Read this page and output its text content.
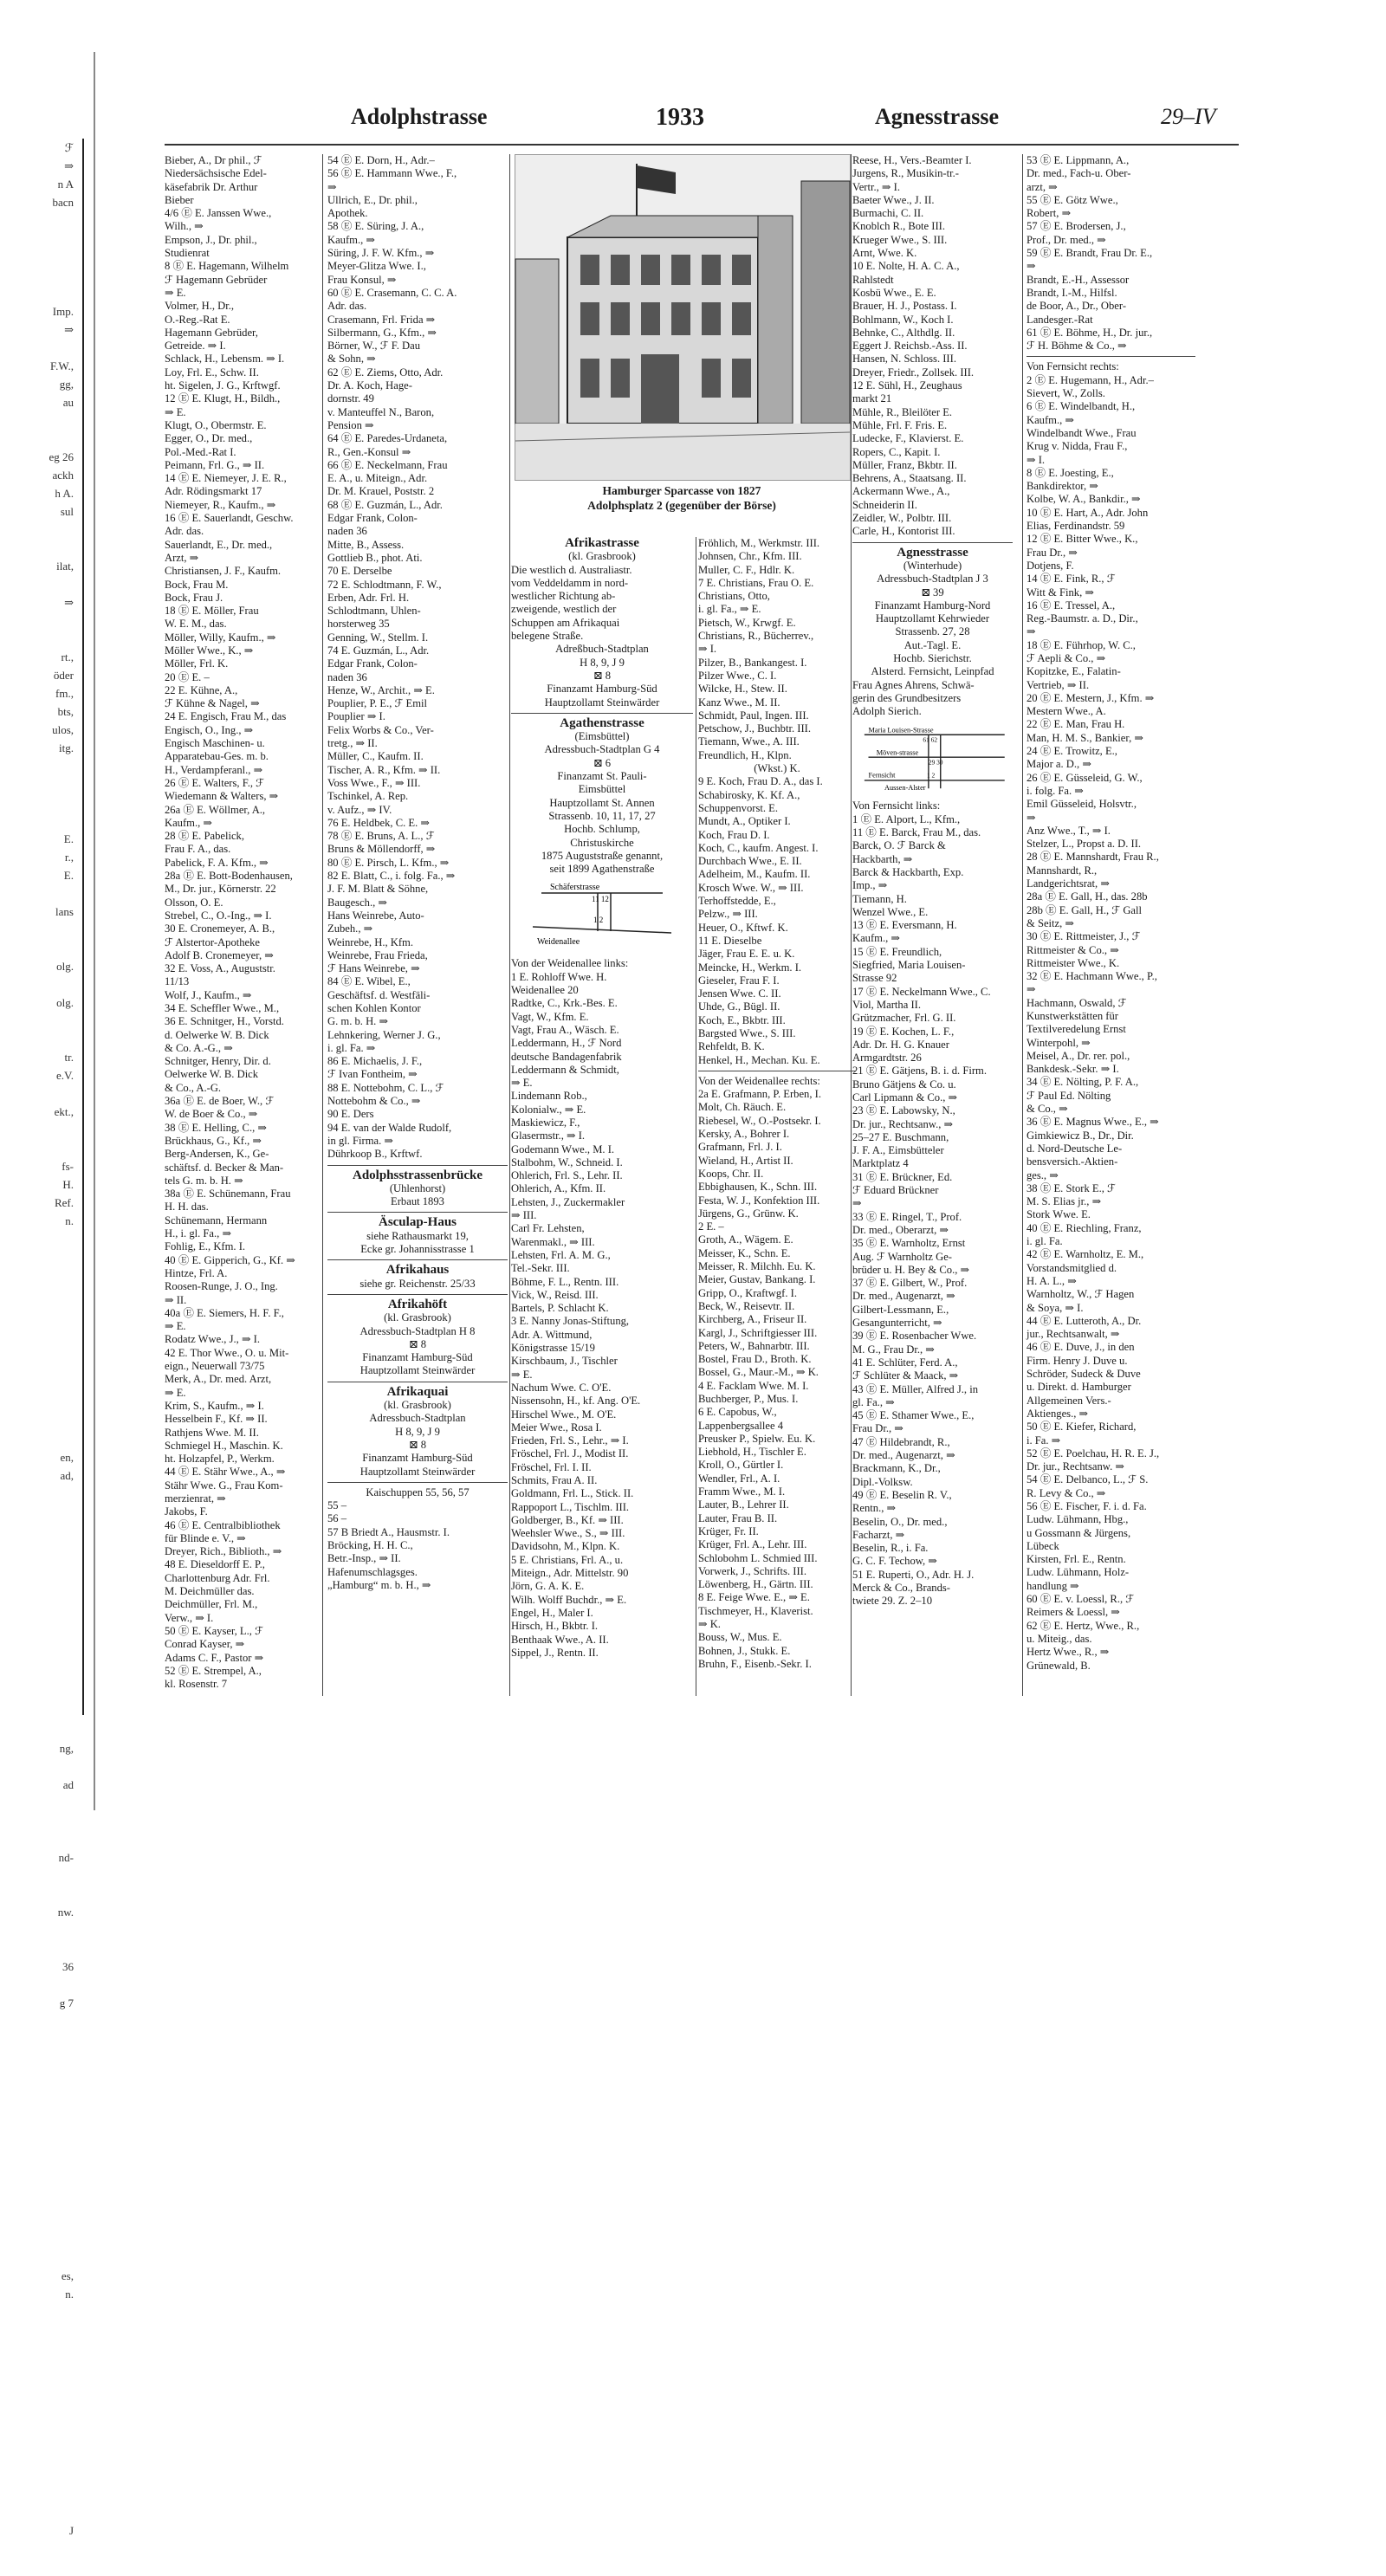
ℱ
⇒
n A
bacn

Imp.
⇒

F.W.,
gg,
au

eg 26
ackh
h A.
sul

ilat,

⇒

rt.,
öder
fm.,
bts,
ulos,
itg.

E.
r.,
E.

lans

olg.

olg.

tr.
e.V.

ekt.,

fs-
H.
Ref.
n.

en,
ad,

ng,

ad

nd-

nw.

36

g 7

es,
n.

J

Adolphstrasse	1933	Agnesstrasse	29–IV

Bieber, A., Dr phil., ℱ

Niedersächsische Edel-

käsefabrik Dr. Arthur

Bieber

4/6 Ⓔ E. Janssen Wwe.,

Wilh., ⇒

Empson, J., Dr. phil.,

Studienrat

8 Ⓔ E. Hagemann, Wilhelm

ℱ Hagemann Gebrüder

⇒ E.

Volmer, H., Dr.,

O.-Reg.-Rat E.

Hagemann Gebrüder,

Getreide. ⇒ I.

Schlack, H., Lebensm. ⇒ I.

Loy, Frl. E., Schw. II.

ht. Sigelen, J. G., Krftwgf.

12 Ⓔ E. Klugt, H., Bildh.,

⇒ E.

Klugt, O., Obermstr. E.

Egger, O., Dr. med.,

Pol.-Med.-Rat I.

Peimann, Frl. G., ⇒ II.

14 Ⓔ E. Niemeyer, J. E. R.,

Adr. Rödingsmarkt 17

Niemeyer, R., Kaufm., ⇒

16 Ⓔ E. Sauerlandt, Geschw.

Adr. das.

Sauerlandt, E., Dr. med.,

Arzt, ⇒

Christiansen, J. F., Kaufm.

Bock, Frau M.

Bock, Frau J.

18 Ⓔ E. Möller, Frau

W. E. M., das.

Möller, Willy, Kaufm., ⇒

Möller Wwe., K., ⇒

Möller, Frl. K.

20 Ⓔ E. –

22 E. Kühne, A.,

ℱ Kühne & Nagel, ⇒

24 E. Engisch, Frau M., das

Engisch, O., Ing., ⇒

Engisch Maschinen- u.

Apparatebau-Ges. m. b.

H., Verdampferanl., ⇒

26 Ⓔ E. Walters, F., ℱ

Wiedemann & Walters, ⇒

26a Ⓔ E. Wöllmer, A.,

Kaufm., ⇒

28 Ⓔ E. Pabelick,

Frau F. A., das.

Pabelick, F. A. Kfm., ⇒

28a Ⓔ E. Bott-Bodenhausen,

M., Dr. jur., Körnerstr. 22

Olsson, O. E.

Strebel, C., O.-Ing., ⇒ I.

30 E. Cronemeyer, A. B.,

ℱ Alstertor-Apotheke

Adolf B. Cronemeyer, ⇒

32 E. Voss, A., Auguststr.

11/13

Wolf, J., Kaufm., ⇒

34 E. Scheffler Wwe., M.,

36 E. Schnitger, H., Vorstd.

d. Oelwerke W. B. Dick

& Co. A.-G., ⇒

Schnitger, Henry, Dir. d.

Oelwerke W. B. Dick

& Co., A.-G.

36a Ⓔ E. de Boer, W., ℱ

W. de Boer & Co., ⇒

38 Ⓔ E. Helling, C., ⇒

Brückhaus, G., Kf., ⇒

Berg-Andersen, K., Ge-

schäftsf. d. Becker & Man-

tels G. m. b. H. ⇒

38a Ⓔ E. Schünemann, Frau

H. H. das.

Schünemann, Hermann

H., i. gl. Fa., ⇒

Fohlig, E., Kfm. I.

40 Ⓔ E. Gipperich, G., Kf. ⇒

Hintze, Frl. A.

Roosen-Runge, J. O., Ing.

⇒ II.

40a Ⓔ E. Siemers, H. F. F.,

⇒ E.

Rodatz Wwe., J., ⇒ I.

42 E. Thor Wwe., O. u. Mit-

eign., Neuerwall 73/75

Merk, A., Dr. med. Arzt,

⇒ E.

Krim, S., Kaufm., ⇒ I.

Hesselbein F., Kf. ⇒ II.

Rathjens Wwe. M. II.

Schmiegel H., Maschin. K.

ht. Holzapfel, P., Werkm.

44 Ⓔ E. Stähr Wwe., A., ⇒

Stähr Wwe. G., Frau Kom-

merzienrat, ⇒

Jakobs, F.

46 Ⓔ E. Centralbibliothek

für Blinde e. V., ⇒

Dreyer, Rich., Biblioth., ⇒

48 E. Dieseldorff E. P.,

Charlottenburg Adr. Frl.

M. Deichmüller das.

Deichmüller, Frl. M.,

Verw., ⇒ I.

50 Ⓔ E. Kayser, L., ℱ

Conrad Kayser, ⇒

Adams C. F., Pastor ⇒

52 Ⓔ E. Strempel, A.,

kl. Rosenstr. 7

54 Ⓔ E. Dorn, H., Adr.–

56 Ⓔ E. Hammann Wwe., F.,

⇒

Ullrich, E., Dr. phil.,

Apothek.

58 Ⓔ E. Süring, J. A.,

Kaufm., ⇒

Süring, J. F. W. Kfm., ⇒

Meyer-Glitza Wwe. I.,

Frau Konsul, ⇒

60 Ⓔ E. Crasemann, C. C. A.

Adr. das.

Crasemann, Frl. Frida ⇒

Silbermann, G., Kfm., ⇒

Börner, W., ℱ F. Dau

& Sohn, ⇒

62 Ⓔ E. Ziems, Otto, Adr.

Dr. A. Koch, Hage-

dornstr. 49

v. Manteuffel N., Baron,

Pension ⇒

64 Ⓔ E. Paredes-Urdaneta,

R., Gen.-Konsul ⇒

66 Ⓔ E. Neckelmann, Frau

E. A., u. Miteign., Adr.

Dr. M. Krauel, Poststr. 2

68 Ⓔ E. Guzmán, L., Adr.

Edgar Frank, Colon-

naden 36

Mitte, B., Assess.

Gottlieb B., phot. Ati.

70 E. Derselbe

72 E. Schlodtmann, F. W.,

Erben, Adr. Frl. H.

Schlodtmann, Uhlen-

horsterweg 35

Genning, W., Stellm. I.

74 E. Guzmán, L., Adr.

Edgar Frank, Colon-

naden 36

Henze, W., Archit., ⇒ E.

Pouplier, P. E., ℱ Emil

Pouplier ⇒ I.

Felix Worbs & Co., Ver-

tretg., ⇒ II.

Müller, C., Kaufm. II.

Tischer, A. R., Kfm. ⇒ II.

Voss Wwe., F., ⇒ III.

Tschinkel, A. Rep.

v. Aufz., ⇒ IV.

76 E. Heldbek, C. E. ⇒

78 Ⓔ E. Bruns, A. L., ℱ

Bruns & Möllendorff, ⇒

80 Ⓔ E. Pirsch, L. Kfm., ⇒

82 E. Blatt, C., i. folg. Fa., ⇒

J. F. M. Blatt & Söhne,

Baugesch., ⇒

Hans Weinrebe, Auto-

Zubeh., ⇒

Weinrebe, H., Kfm.

Weinrebe, Frau Frieda,

ℱ Hans Weinrebe, ⇒

84 Ⓔ E. Wibel, E.,

Geschäftsf. d. Westfäli-

schen Kohlen Kontor

G. m. b. H. ⇒

Lehnkering, Werner J. G.,

i. gl. Fa. ⇒

86 E. Michaelis, J. F.,

ℱ Ivan Fontheim, ⇒

88 E. Nottebohm, C. L., ℱ

Nottebohm & Co., ⇒

90 E. Ders

94 E. van der Walde Rudolf,

in gl. Firma. ⇒

Dührkoop B., Krftwf.

Adolphsstrassenbrücke

(Uhlenhorst)

Erbaut 1893

Äsculap-Haus

siehe Rathausmarkt 19,

Ecke gr. Johannisstrasse 1

Afrikahaus

siehe gr. Reichenstr. 25/33

Afrikahöft

(kl. Grasbrook)

Adressbuch-Stadtplan H 8

⊠ 8

Finanzamt Hamburg-Süd

Hauptzollamt Steinwärder

Afrikaquai

(kl. Grasbrook)

Adressbuch-Stadtplan

H 8, 9, J 9

⊠ 8

Finanzamt Hamburg-Süd

Hauptzollamt Steinwärder

Kaischuppen 55, 56, 57

55 –

56 –

57 B Briedt A., Hausmstr. I.

Bröcking, H. H. C.,

Betr.-Insp., ⇒ II.

Hafenumschlagsges.

„Hamburg“ m. b. H., ⇒

Hamburger Sparcasse von 1827
Adolphsplatz 2 (gegenüber der Börse)

Afrikastrasse

(kl. Grasbrook)

Die westlich d. Australiastr.

vom Veddeldamm in nord-

westlicher Richtung ab-

zweigende, westlich der

Schuppen am Afrikaquai

belegene Straße.

Adreßbuch-Stadtplan

H 8, 9, J 9

⊠ 8

Finanzamt Hamburg-Süd

Hauptzollamt Steinwärder

Agathenstrasse

(Eimsbüttel)

Adressbuch-Stadtplan G 4

⊠ 6

Finanzamt St. Pauli-

Eimsbüttel

Hauptzollamt St. Annen

Strassenb. 10, 11, 17, 27

Hochb. Schlump,

Christuskirche

1875 Auguststraße genannt,

seit 1899 Agathenstraße

Schäferstrasse
11 12
1 2
Weidenallee

Von der Weidenallee links:

1 E. Rohloff Wwe. H.

Weidenallee 20

Radtke, C., Krk.-Bes. E.

Vagt, W., Kfm. E.

Vagt, Frau A., Wäsch. E.

Leddermann, H., ℱ Nord

deutsche Bandagenfabrik

Leddermann & Schmidt,

⇒ E.

Lindemann Rob.,

Kolonialw., ⇒ E.

Maskiewicz, F.,

Glasermstr., ⇒ I.

Godemann Wwe., M. I.

Stalbohm, W., Schneid. I.

Ohlerich, Frl. S., Lehr. II.

Ohlerich, A., Kfm. II.

Lehsten, J., Zuckermakler

⇒ III.

Carl Fr. Lehsten,

Warenmakl., ⇒ III.

Lehsten, Frl. A. M. G.,

Tel.-Sekr. III.

Böhme, F. L., Rentn. III.

Vick, W., Reisd. III.

Bartels, P. Schlacht K.

3 E. Nanny Jonas-Stiftung,

Adr. A. Wittmund,

Königstrasse 15/19

Kirschbaum, J., Tischler

⇒ E.

Nachum Wwe. C. O'E.

Nissensohn, H., kf. Ang. O'E.

Hirschel Wwe., M. O'E.

Meier Wwe., Rosa I.

Frieden, Frl. S., Lehr., ⇒ I.

Fröschel, Frl. J., Modist II.

Fröschel, Frl. I. II.

Schmits, Frau A. II.

Goldmann, Frl. L., Stick. II.

Rappoport L., Tischlm. III.

Goldberger, B., Kf. ⇒ III.

Weehsler Wwe., S., ⇒ III.

Davidsohn, M., Klpn. K.

5 E. Christians, Frl. A., u.

Miteign., Adr. Mittelstr. 90

Jörn, G. A. K. E.

Wilh. Wolff Buchdr., ⇒ E.

Engel, H., Maler I.

Hirsch, H., Bkbtr. I.

Benthaak Wwe., A. II.

Sippel, J., Rentn. II.

Fröhlich, M., Werkmstr. III.

Johnsen, Chr., Kfm. III.

Muller, C. F., Hdlr. K.

7 E. Christians, Frau O. E.

Christians, Otto,

i. gl. Fa., ⇒ E.

Pietsch, W., Krwgf. E.

Christians, R., Bücherrev.,

⇒ I.

Pilzer, B., Bankangest. I.

Pilzer Wwe., C. I.

Wilcke, H., Stew. II.

Kanz Wwe., M. II.

Schmidt, Paul, Ingen. III.

Petschow, J., Buchbtr. III.

Tiemann, Wwe., A. III.

Freundlich, H., Klpn.

(Wkst.) K.

9 E. Koch, Frau D. A., das I.

Schabirosky, K. Kf. A.,

Schuppenvorst. E.

Mundt, A., Optiker I.

Koch, Frau D. I.

Koch, C., kaufm. Angest. I.

Durchbach Wwe., E. II.

Adelheim, M., Kaufm. II.

Krosch Wwe. W., ⇒ III.

Terhoffstedde, E.,

Pelzw., ⇒ III.

Heuer, O., Kftwf. K.

11 E. Dieselbe

Jäger, Frau E. E. u. K.

Meincke, H., Werkm. I.

Gieseler, Frau F. I.

Jensen Wwe. C. II.

Uhde, G., Bügl. II.

Koch, E., Bkbtr. III.

Bargsted Wwe., S. III.

Rehfeldt, B. K.

Henkel, H., Mechan. Ku. E.

Von der Weidenallee rechts:

2a E. Grafmann, P. Erben, I.

Molt, Ch. Räuch. E.

Riebesel, W., O.-Postsekr. I.

Kersky, A., Bohrer I.

Grafmann, Frl. J. I.

Wieland, H., Artist II.

Koops, Chr. II.

Ebbighausen, K., Schn. III.

Festa, W. J., Konfektion III.

Jürgens, G., Grünw. K.

2 E. –

Groth, A., Wägem. E.

Meisser, K., Schn. E.

Meisser, R. Milchh. Eu. K.

Meier, Gustav, Bankang. I.

Gripp, O., Kraftwgf. I.

Beck, W., Reisevtr. II.

Kirchberg, A., Friseur II.

Kargl, J., Schriftgiesser III.

Peters, W., Bahnarbtr. III.

Bostel, Frau D., Broth. K.

Bossel, G., Maur.-M., ⇒ K.

4 E. Facklam Wwe. M. I.

Buchberger, P., Mus. I.

6 E. Capobus, W.,

Lappenbergsallee 4

Preusker P., Spielw. Eu. K.

Liebhold, H., Tischler E.

Kroll, O., Gürtler I.

Wendler, Frl., A. I.

Framm Wwe., M. I.

Lauter, B., Lehrer II.

Lauter, Frau B. II.

Krüger, Fr. II.

Krüger, Frl. A., Lehr. III.

Schlobohm L. Schmied III.

Vorwerk, J., Schrifts. III.

Löwenberg, H., Gärtn. III.

8 E. Feige Wwe. E., ⇒ E.

Tischmeyer, H., Klaverist.

⇒ K.

Bouss, W., Mus. E.

Bohnen, J., Stukk. E.

Bruhn, F., Eisenb.-Sekr. I.

Reese, H., Vers.-Beamter I.

Jurgens, R., Musikin-tr.-

Vertr., ⇒ I.

Baeter Wwe., J. II.

Burmachi, C. II.

Knoblch R., Bote III.

Krueger Wwe., S. III.

Arnt, Wwe. K.

10 E. Nolte, H. A. C. A.,

Rahlstedt

Kosbü Wwe., E. E.

Brauer, H. J., Postass. I.

Bohlmann, W., Koch I.

Behnke, C., Althdlg. II.

Eggert J. Reichsb.-Ass. II.

Hansen, N. Schloss. III.

Dreyer, Friedr., Zollsek. III.

12 E. Sühl, H., Zeughaus

markt 21

Mühle, R., Bleilöter E.

Mühle, Frl. F. Fris. E.

Ludecke, F., Klavierst. E.

Ropers, C., Kapit. I.

Müller, Franz, Bkbtr. II.

Behrens, A., Staatsang. II.

Ackermann Wwe., A.,

Schneiderin II.

Zeidler, W., Polbtr. III.

Carle, H., Kontorist III.

Agnesstrasse

(Winterhude)

Adressbuch-Stadtplan J 3

⊠ 39

Finanzamt Hamburg-Nord

Hauptzollamt Kehrwieder

Strassenb. 27, 28

Aut.-Tagl. E.

Hochb. Sierichstr.

Alsterd. Fernsicht, Leinpfad

Frau Agnes Ahrens, Schwä-

gerin des Grundbesitzers

Adolph Sierich.

Maria Louisen-Strasse
61 62
Möven-strasse
29 30
Fernsicht	1 2
Aussen-Alster

Von Fernsicht links:

1 Ⓔ E. Alport, L., Kfm.,

11 Ⓔ E. Barck, Frau M., das.

Barck, O. ℱ Barck &

Hackbarth, ⇒

Barck & Hackbarth, Exp.

Imp., ⇒

Tiemann, H.

Wenzel Wwe., E.

13 Ⓔ E. Eversmann, H.

Kaufm., ⇒

15 Ⓔ E. Freundlich,

Siegfried, Maria Louisen-

Strasse 92

17 Ⓔ E. Neckelmann Wwe., C.

Viol, Martha II.

Grützmacher, Frl. G. II.

19 Ⓔ E. Kochen, L. F.,

Adr. Dr. H. G. Knauer

Armgardtstr. 26

21 Ⓔ E. Gätjens, B. i. d. Firm.

Bruno Gätjens & Co. u.

Carl Lipmann & Co., ⇒

23 Ⓔ E. Labowsky, N.,

Dr. jur., Rechtsanw., ⇒

25–27 E. Buschmann,

J. F. A., Eimsbütteler

Marktplatz 4

31 Ⓔ E. Brückner, Ed.

ℱ Eduard Brückner

⇒

33 Ⓔ E. Ringel, T., Prof.

Dr. med., Oberarzt, ⇒

35 Ⓔ E. Warnholtz, Ernst

Aug. ℱ Warnholtz Ge-

brüder u. H. Bey & Co., ⇒

37 Ⓔ E. Gilbert, W., Prof.

Dr. med., Augenarzt, ⇒

Gilbert-Lessmann, E.,

Gesangunterricht, ⇒

39 Ⓔ E. Rosenbacher Wwe.

M. G., Frau Dr., ⇒

41 E. Schlüter, Ferd. A.,

ℱ Schlüter & Maack, ⇒

43 Ⓔ E. Müller, Alfred J., in

gl. Fa., ⇒

45 Ⓔ E. Sthamer Wwe., E.,

Frau Dr., ⇒

47 Ⓔ Hildebrandt, R.,

Dr. med., Augenarzt, ⇒

Brackmann, K., Dr.,

Dipl.-Volksw.

49 Ⓔ E. Beselin R. V.,

Rentn., ⇒

Beselin, O., Dr. med.,

Facharzt, ⇒

Beselin, R., i. Fa.

G. C. F. Techow, ⇒

51 E. Ruperti, O., Adr. H. J.

Merck & Co., Brands-

twiete 29. Z. 2–10

53 Ⓔ E. Lippmann, A.,

Dr. med., Fach-u. Ober-

arzt, ⇒

55 Ⓔ E. Götz Wwe.,

Robert, ⇒

57 Ⓔ E. Brodersen, J.,

Prof., Dr. med., ⇒

59 Ⓔ E. Brandt, Frau Dr. E.,

⇒

Brandt, E.-H., Assessor

Brandt, I.-M., Hilfsl.

de Boor, A., Dr., Ober-

Landesger.-Rat

61 Ⓔ E. Böhme, H., Dr. jur.,

ℱ H. Böhme & Co., ⇒

Von Fernsicht rechts:

2 Ⓔ E. Hugemann, H., Adr.–

Sievert, W., Zolls.

6 Ⓔ E. Windelbandt, H.,

Kaufm., ⇒

Windelbandt Wwe., Frau

Krug v. Nidda, Frau F.,

⇒ I.

8 Ⓔ E. Joesting, E.,

Bankdirektor, ⇒

Kolbe, W. A., Bankdir., ⇒

10 Ⓔ E. Hart, A., Adr. John

Elias, Ferdinandstr. 59

12 Ⓔ E. Bitter Wwe., K.,

Frau Dr., ⇒

Dotjens, F.

14 Ⓔ E. Fink, R., ℱ

Witt & Fink, ⇒

16 Ⓔ E. Tressel, A.,

Reg.-Baumstr. a. D., Dir.,

⇒

18 Ⓔ E. Führhop, W. C.,

ℱ Aepli & Co., ⇒

Kopitzke, E., Falatin-

Vertrieb, ⇒ II.

20 Ⓔ E. Mestern, J., Kfm. ⇒

Mestern Wwe., A.

22 Ⓔ E. Man, Frau H.

Man, H. M. S., Bankier, ⇒

24 Ⓔ E. Trowitz, E.,

Major a. D., ⇒

26 Ⓔ E. Güsseleid, G. W.,

i. folg. Fa. ⇒

Emil Güsseleid, Holsvtr.,

⇒

Anz Wwe., T., ⇒ I.

Stelzer, L., Propst a. D. II.

28 Ⓔ E. Mannshardt, Frau R.,

Mannshardt, R.,

Landgerichtsrat, ⇒

28a Ⓔ E. Gall, H., das. 28b

28b Ⓔ E. Gall, H., ℱ Gall

& Seitz, ⇒

30 Ⓔ E. Rittmeister, J., ℱ

Rittmeister & Co., ⇒

Rittmeister Wwe., K.

32 Ⓔ E. Hachmann Wwe., P.,

⇒

Hachmann, Oswald, ℱ

Kunstwerkstätten für

Textilveredelung Ernst

Winterpohl, ⇒

Meisel, A., Dr. rer. pol.,

Bankdesk.-Sekr. ⇒ I.

34 Ⓔ E. Nölting, P. F. A.,

ℱ Paul Ed. Nölting

& Co., ⇒

36 Ⓔ E. Magnus Wwe., E., ⇒

Gimkiewicz B., Dr., Dir.

d. Nord-Deutsche Le-

bensversich.-Aktien-

ges., ⇒

38 Ⓔ E. Stork E., ℱ

M. S. Elias jr., ⇒

Stork Wwe. E.

40 Ⓔ E. Riechling, Franz,

i. gl. Fa.

42 Ⓔ E. Warnholtz, E. M.,

Vorstandsmitglied d.

H. A. L., ⇒

Warnholtz, W., ℱ Hagen

& Soya, ⇒ I.

44 Ⓔ E. Lutteroth, A., Dr.

jur., Rechtsanwalt, ⇒

46 Ⓔ E. Duve, J., in den

Firm. Henry J. Duve u.

Schröder, Sudeck & Duve

u. Direkt. d. Hamburger

Allgemeinen Vers.-

Aktienges., ⇒

50 Ⓔ E. Kiefer, Richard,

i. Fa. ⇒

52 Ⓔ E. Poelchau, H. R. E. J.,

Dr. jur., Rechtsanw. ⇒

54 Ⓔ E. Delbanco, L., ℱ S.

R. Levy & Co., ⇒

56 Ⓔ E. Fischer, F. i. d. Fa.

Ludw. Lühmann, Hbg.,

u Gossmann & Jürgens,

Lübeck

Kirsten, Frl. E., Rentn.

Ludw. Lühmann, Holz-

handlung ⇒

60 Ⓔ E. v. Loessl, R., ℱ

Reimers & Loessl, ⇒

62 Ⓔ E. Hertz, Wwe., R.,

u. Miteig., das.

Hertz Wwe., R., ⇒

Grünewald, B.
